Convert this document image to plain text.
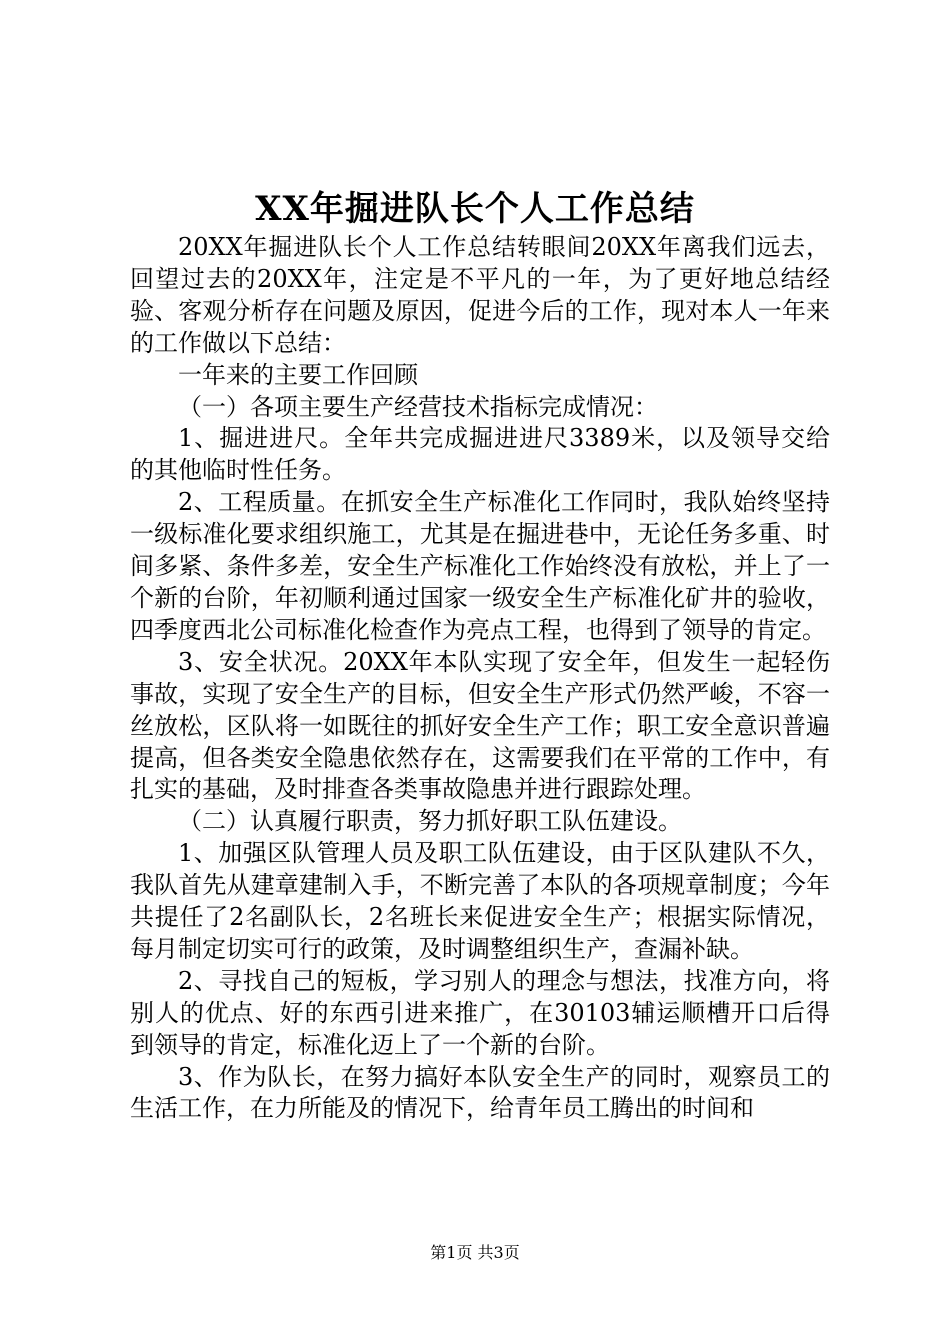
XX年掘进队长个人工作总结

20XX年掘进队长个人工作总结转眼间20XX年离我们远去，回望过去的20XX年，注定是不平凡的一年，为了更好地总结经验、客观分析存在问题及原因，促进今后的工作，现对本人一年来的工作做以下总结：

一年来的主要工作回顾

（一）各项主要生产经营技术指标完成情况：

1、掘进进尺。全年共完成掘进进尺3389米，以及领导交给的其他临时性任务。

2、工程质量。在抓安全生产标准化工作同时，我队始终坚持一级标准化要求组织施工，尤其是在掘进巷中，无论任务多重、时间多紧、条件多差，安全生产标准化工作始终没有放松，并上了一个新的台阶，年初顺利通过国家一级安全生产标准化矿井的验收，四季度西北公司标准化检查作为亮点工程，也得到了领导的肯定。

3、安全状况。20XX年本队实现了安全年，但发生一起轻伤事故，实现了安全生产的目标，但安全生产形式仍然严峻，不容一丝放松，区队将一如既往的抓好安全生产工作；职工安全意识普遍提高，但各类安全隐患依然存在，这需要我们在平常的工作中，有扎实的基础，及时排查各类事故隐患并进行跟踪处理。

（二）认真履行职责，努力抓好职工队伍建设。

1、加强区队管理人员及职工队伍建设，由于区队建队不久，我队首先从建章建制入手，不断完善了本队的各项规章制度；今年共提任了2名副队长，2名班长来促进安全生产；根据实际情况，每月制定切实可行的政策，及时调整组织生产，查漏补缺。

2、寻找自己的短板，学习别人的理念与想法，找准方向，将别人的优点、好的东西引进来推广，在30103辅运顺槽开口后得到领导的肯定，标准化迈上了一个新的台阶。

3、作为队长，在努力搞好本队安全生产的同时，观察员工的生活工作，在力所能及的情况下，给青年员工腾出的时间和

第1页 共3页
